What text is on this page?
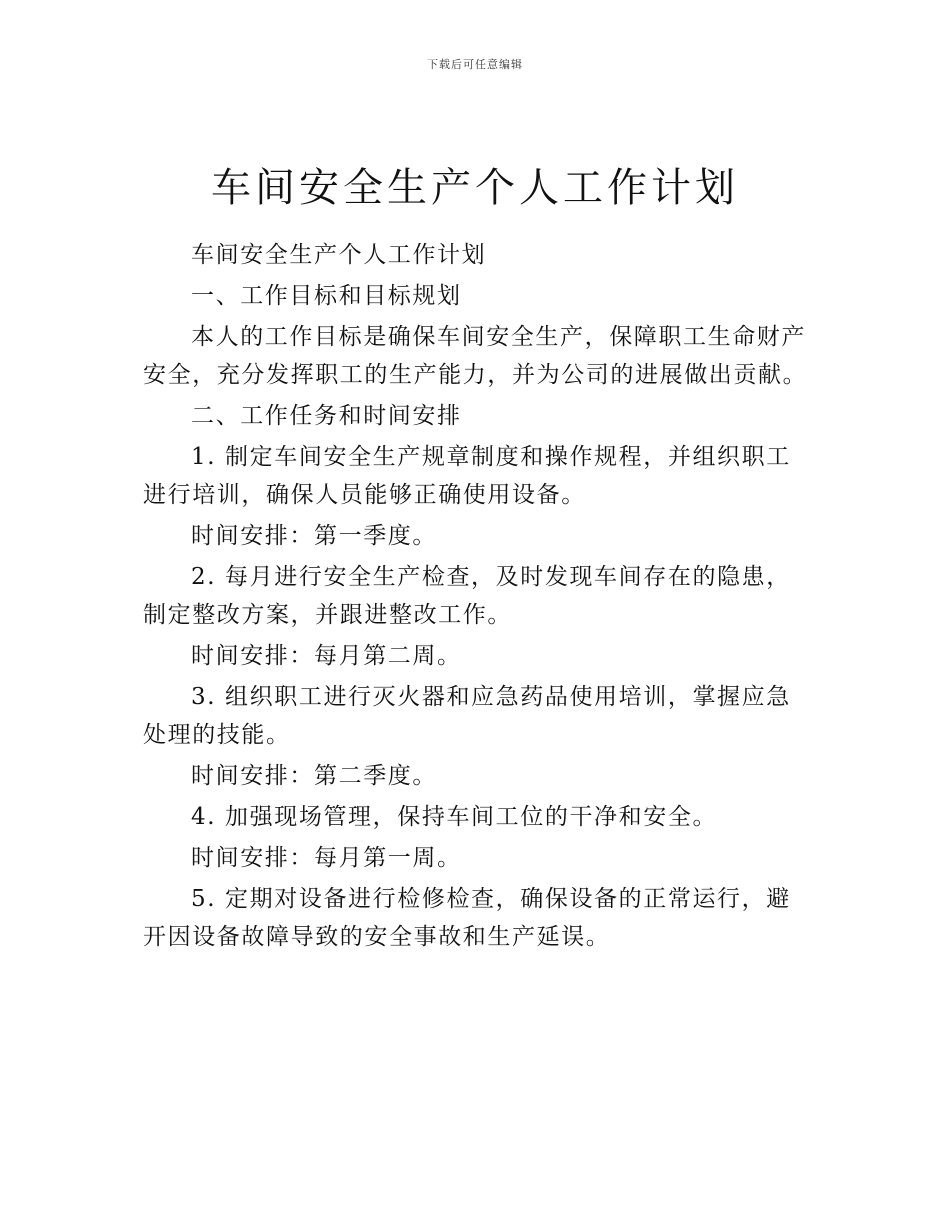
下载后可任意编辑
车间安全生产个人工作计划

车间安全生产个人工作计划

一、工作目标和目标规划

本人的工作目标是确保车间安全生产，保障职工生命财产安全，充分发挥职工的生产能力，并为公司的进展做出贡献。

二、工作任务和时间安排

1. 制定车间安全生产规章制度和操作规程，并组织职工进行培训，确保人员能够正确使用设备。

时间安排：第一季度。

2. 每月进行安全生产检查，及时发现车间存在的隐患，制定整改方案，并跟进整改工作。

时间安排：每月第二周。

3. 组织职工进行灭火器和应急药品使用培训，掌握应急处理的技能。

时间安排：第二季度。

4. 加强现场管理，保持车间工位的干净和安全。

时间安排：每月第一周。

5. 定期对设备进行检修检查，确保设备的正常运行，避开因设备故障导致的安全事故和生产延误。
